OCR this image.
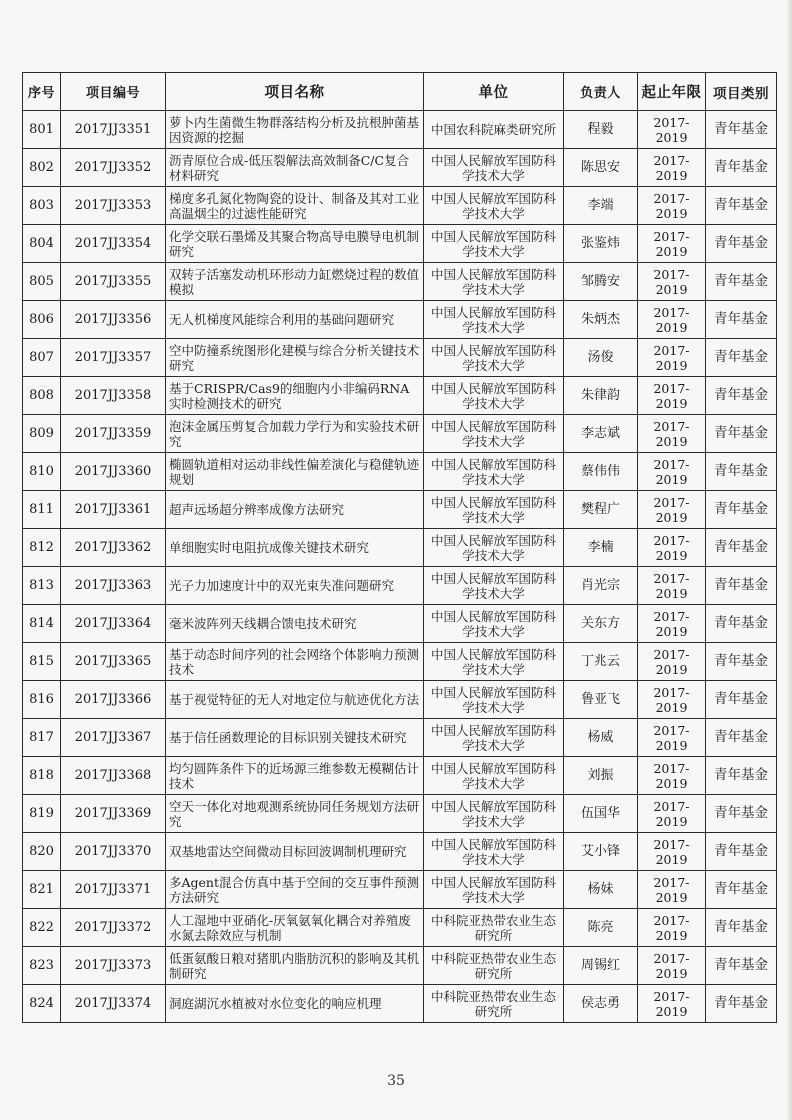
序号	项目编号	项目名称	单位	负责人	起止年限	项目类别
801	2017JJ3351	萝卜内生菌微生物群落结构分析及抗根肿菌基因资源的挖掘	中国农科院麻类研究所	程毅	2017-2019	青年基金
802	2017JJ3352	沥青原位合成-低压裂解法高效制备C/C复合材料研究	中国人民解放军国防科学技术大学	陈思安	2017-2019	青年基金
803	2017JJ3353	梯度多孔氮化物陶瓷的设计、制备及其对工业高温烟尘的过滤性能研究	中国人民解放军国防科学技术大学	李端	2017-2019	青年基金
804	2017JJ3354	化学交联石墨烯及其聚合物高导电膜导电机制研究	中国人民解放军国防科学技术大学	张鉴炜	2017-2019	青年基金
805	2017JJ3355	双转子活塞发动机环形动力缸燃烧过程的数值模拟	中国人民解放军国防科学技术大学	邹腾安	2017-2019	青年基金
806	2017JJ3356	无人机梯度风能综合利用的基础问题研究	中国人民解放军国防科学技术大学	朱炳杰	2017-2019	青年基金
807	2017JJ3357	空中防撞系统图形化建模与综合分析关键技术研究	中国人民解放军国防科学技术大学	汤俊	2017-2019	青年基金
808	2017JJ3358	基于CRISPR/Cas9的细胞内小非编码RNA实时检测技术的研究	中国人民解放军国防科学技术大学	朱律韵	2017-2019	青年基金
809	2017JJ3359	泡沫金属压剪复合加载力学行为和实验技术研究	中国人民解放军国防科学技术大学	李志斌	2017-2019	青年基金
810	2017JJ3360	椭圆轨道相对运动非线性偏差演化与稳健轨迹规划	中国人民解放军国防科学技术大学	蔡伟伟	2017-2019	青年基金
811	2017JJ3361	超声远场超分辨率成像方法研究	中国人民解放军国防科学技术大学	樊程广	2017-2019	青年基金
812	2017JJ3362	单细胞实时电阻抗成像关键技术研究	中国人民解放军国防科学技术大学	李楠	2017-2019	青年基金
813	2017JJ3363	光子力加速度计中的双光束失准问题研究	中国人民解放军国防科学技术大学	肖光宗	2017-2019	青年基金
814	2017JJ3364	毫米波阵列天线耦合馈电技术研究	中国人民解放军国防科学技术大学	关东方	2017-2019	青年基金
815	2017JJ3365	基于动态时间序列的社会网络个体影响力预测技术	中国人民解放军国防科学技术大学	丁兆云	2017-2019	青年基金
816	2017JJ3366	基于视觉特征的无人对地定位与航迹优化方法	中国人民解放军国防科学技术大学	鲁亚飞	2017-2019	青年基金
817	2017JJ3367	基于信任函数理论的目标识别关键技术研究	中国人民解放军国防科学技术大学	杨威	2017-2019	青年基金
818	2017JJ3368	均匀圆阵条件下的近场源三维参数无模糊估计技术	中国人民解放军国防科学技术大学	刘振	2017-2019	青年基金
819	2017JJ3369	空天一体化对地观测系统协同任务规划方法研究	中国人民解放军国防科学技术大学	伍国华	2017-2019	青年基金
820	2017JJ3370	双基地雷达空间微动目标回波调制机理研究	中国人民解放军国防科学技术大学	艾小锋	2017-2019	青年基金
821	2017JJ3371	多Agent混合仿真中基于空间的交互事件预测方法研究	中国人民解放军国防科学技术大学	杨妹	2017-2019	青年基金
822	2017JJ3372	人工湿地中亚硝化-厌氧氨氧化耦合对养殖废水氮去除效应与机制	中科院亚热带农业生态研究所	陈亮	2017-2019	青年基金
823	2017JJ3373	低蛋氨酸日粮对猪肌内脂肪沉积的影响及其机制研究	中科院亚热带农业生态研究所	周锡红	2017-2019	青年基金
824	2017JJ3374	洞庭湖沉水植被对水位变化的响应机理	中科院亚热带农业生态研究所	侯志勇	2017-2019	青年基金
35
